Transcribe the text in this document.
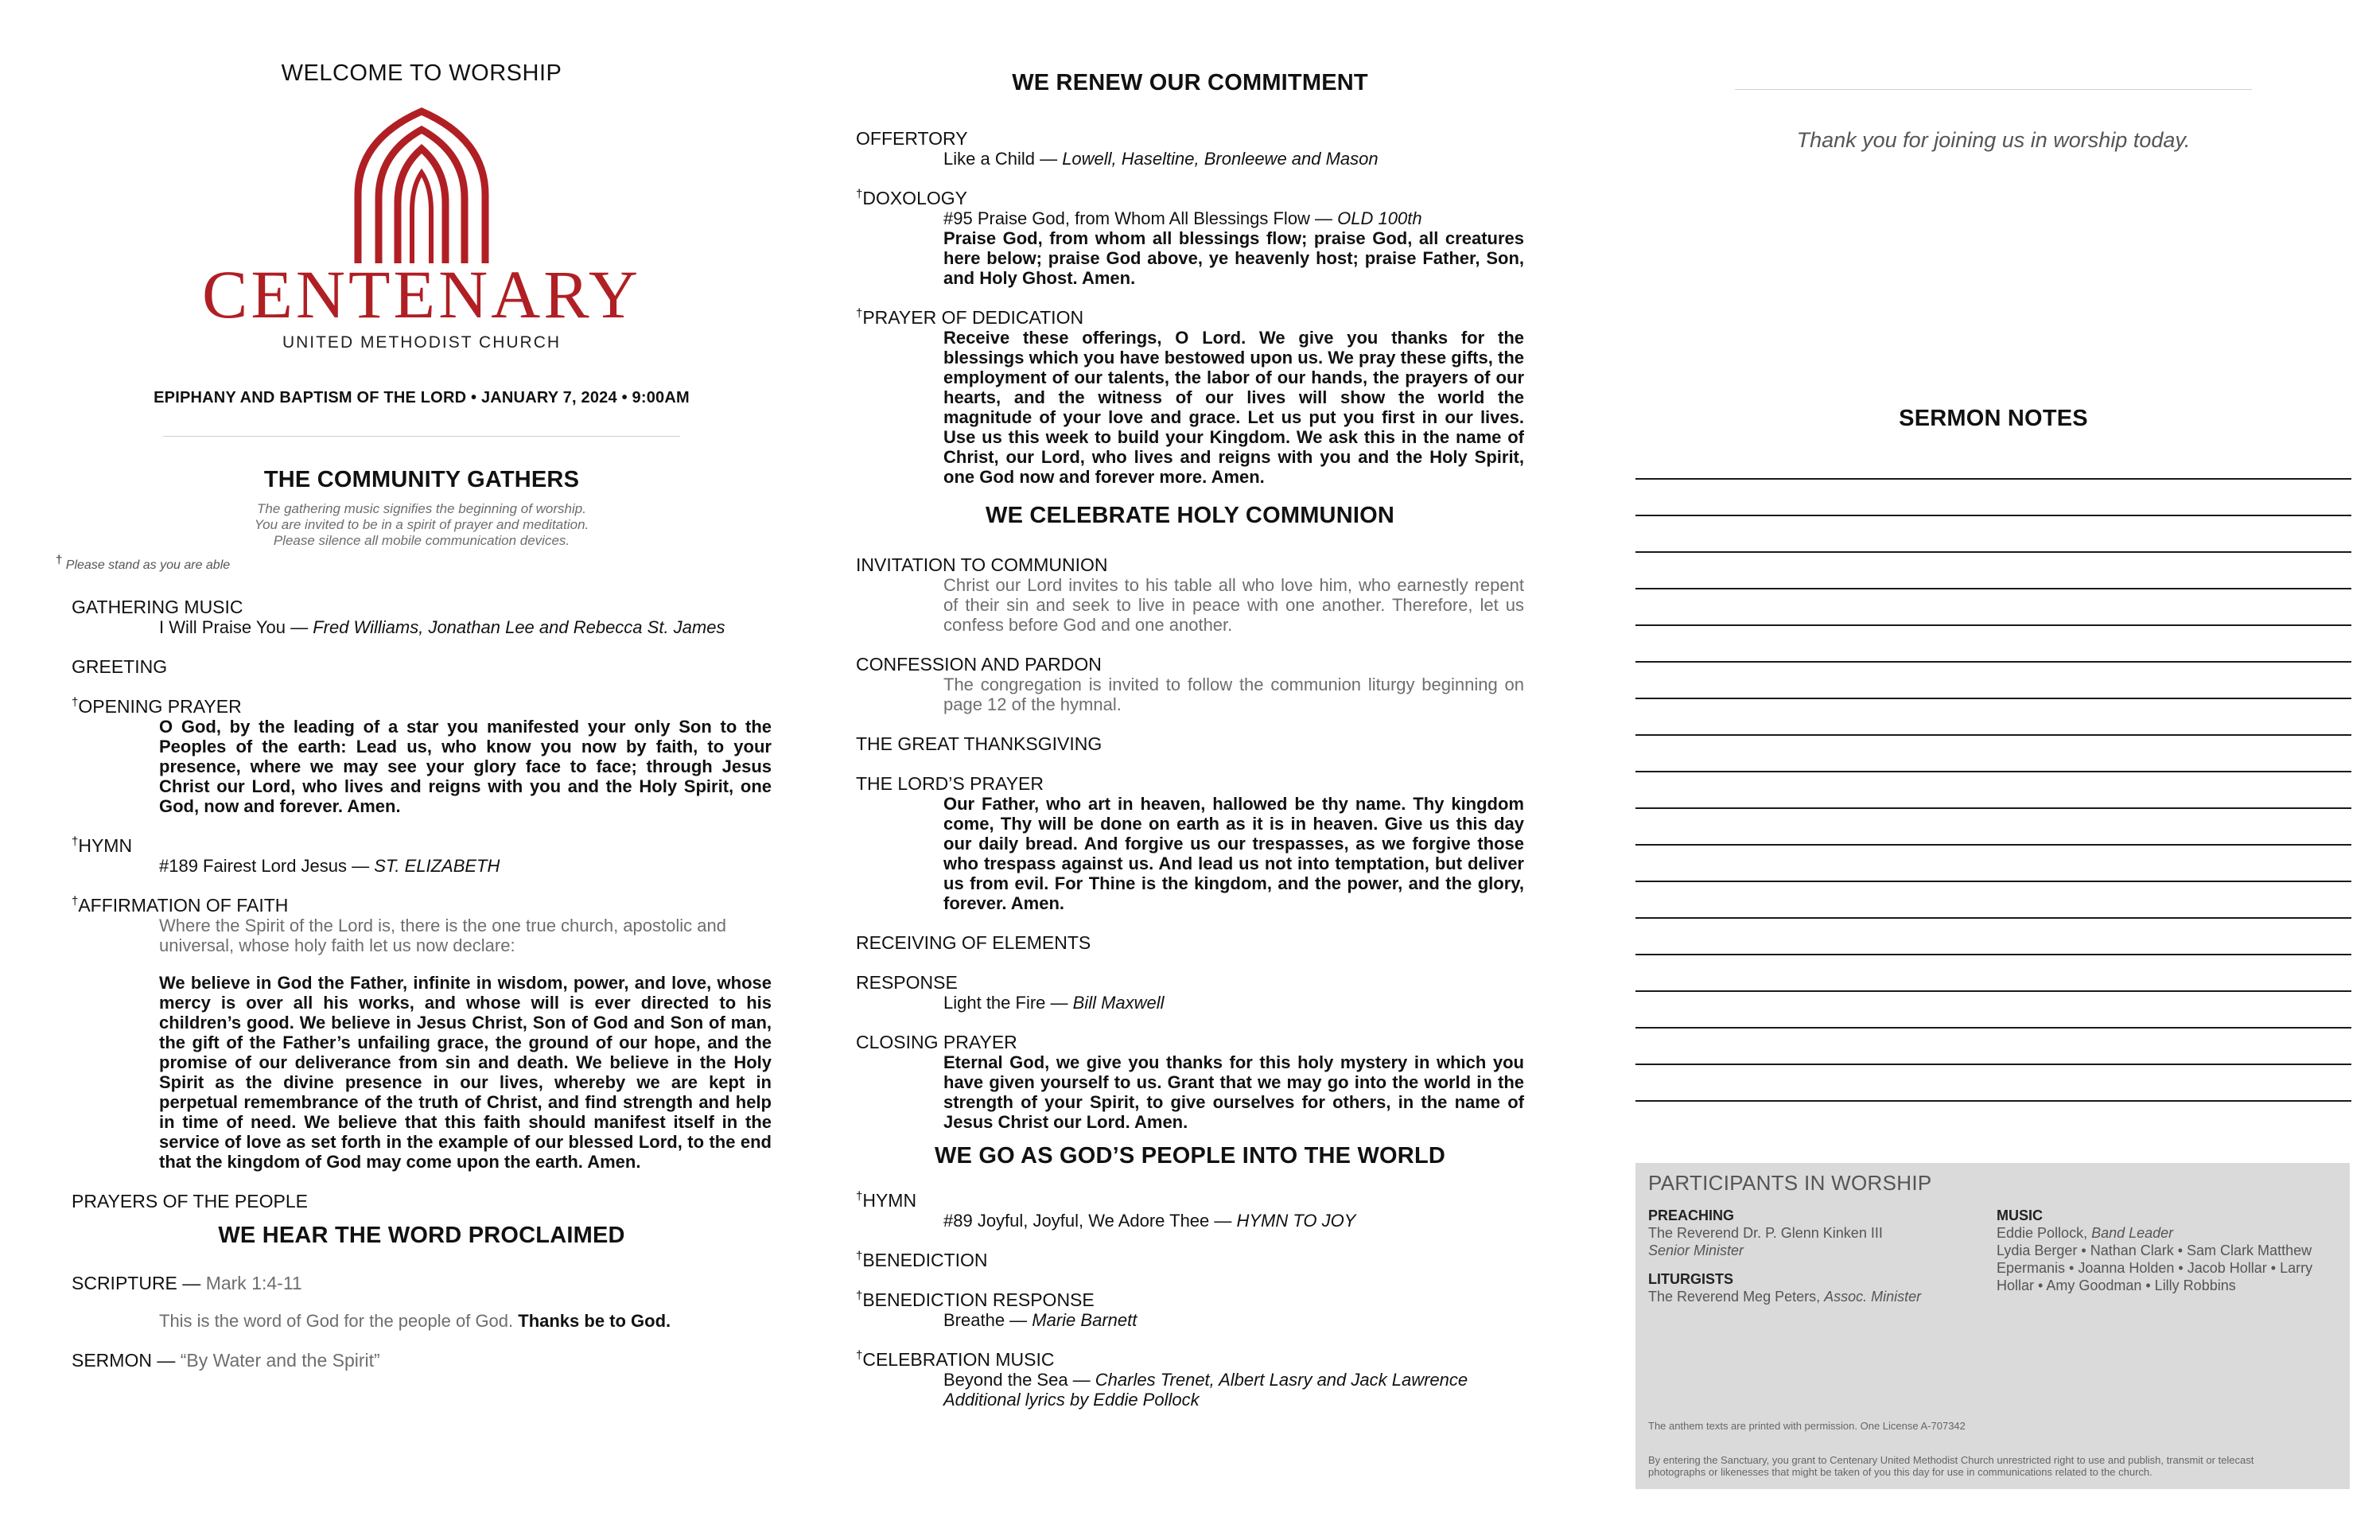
WELCOME TO WORSHIP
CENTENARY
UNITED METHODIST CHURCH
EPIPHANY AND BAPTISM OF THE LORD • JANUARY 7, 2024 • 9:00AM
THE COMMUNITY GATHERS
The gathering music signifies the beginning of worship.
You are invited to be in a spirit of prayer and meditation.
Please silence all mobile communication devices.
† Please stand as you are able
GATHERING MUSIC
I Will Praise You — Fred Williams, Jonathan Lee and Rebecca St. James
GREETING
†OPENING PRAYER
O God, by the leading of a star you manifested your only Son to the Peoples of the earth: Lead us, who know you now by faith, to your presence, where we may see your glory face to face; through Jesus Christ our Lord, who lives and reigns with you and the Holy Spirit, one God, now and forever. Amen.
†HYMN
#189 Fairest Lord Jesus — ST. ELIZABETH
†AFFIRMATION OF FAITH
Where the Spirit of the Lord is, there is the one true church, apostolic and universal, whose holy faith let us now declare:
We believe in God the Father, infinite in wisdom, power, and love, whose mercy is over all his works, and whose will is ever directed to his children’s good. We believe in Jesus Christ, Son of God and Son of man, the gift of the Father’s unfailing grace, the ground of our hope, and the promise of our deliverance from sin and death. We believe in the Holy Spirit as the divine presence in our lives, whereby we are kept in perpetual remembrance of the truth of Christ, and find strength and help in time of need. We believe that this faith should manifest itself in the service of love as set forth in the example of our blessed Lord, to the end that the kingdom of God may come upon the earth. Amen.
PRAYERS OF THE PEOPLE
WE HEAR THE WORD PROCLAIMED
SCRIPTURE — Mark 1:4-11
This is the word of God for the people of God. Thanks be to God.
SERMON — “By Water and the Spirit”
WE RENEW OUR COMMITMENT
OFFERTORY
Like a Child — Lowell, Haseltine, Bronleewe and Mason
†DOXOLOGY
#95 Praise God, from Whom All Blessings Flow — OLD 100th
Praise God, from whom all blessings flow; praise God, all creatures here below; praise God above, ye heavenly host; praise Father, Son, and Holy Ghost. Amen.
†PRAYER OF DEDICATION
Receive these offerings, O Lord. We give you thanks for the blessings which you have bestowed upon us. We pray these gifts, the employment of our talents, the labor of our hands, the prayers of our hearts, and the witness of our lives will show the world the magnitude of your love and grace. Let us put you first in our lives. Use us this week to build your Kingdom. We ask this in the name of Christ, our Lord, who lives and reigns with you and the Holy Spirit, one God now and forever more. Amen.
WE CELEBRATE HOLY COMMUNION
INVITATION TO COMMUNION
Christ our Lord invites to his table all who love him, who earnestly repent of their sin and seek to live in peace with one another. Therefore, let us confess before God and one another.
CONFESSION AND PARDON
The congregation is invited to follow the communion liturgy beginning on page 12 of the hymnal.
THE GREAT THANKSGIVING
THE LORD’S PRAYER
Our Father, who art in heaven, hallowed be thy name. Thy kingdom come, Thy will be done on earth as it is in heaven. Give us this day our daily bread. And forgive us our trespasses, as we forgive those who trespass against us. And lead us not into temptation, but deliver us from evil. For Thine is the kingdom, and the power, and the glory, forever. Amen.
RECEIVING OF ELEMENTS
RESPONSE
Light the Fire — Bill Maxwell
CLOSING PRAYER
Eternal God, we give you thanks for this holy mystery in which you have given yourself to us. Grant that we may go into the world in the strength of your Spirit, to give ourselves for others, in the name of Jesus Christ our Lord. Amen.
WE GO AS GOD’S PEOPLE INTO THE WORLD
†HYMN
#89 Joyful, Joyful, We Adore Thee — HYMN TO JOY
†BENEDICTION
†BENEDICTION RESPONSE
Breathe — Marie Barnett
†CELEBRATION MUSIC
Beyond the Sea — Charles Trenet, Albert Lasry and Jack Lawrence
Additional lyrics by Eddie Pollock
Thank you for joining us in worship today.
SERMON NOTES
PARTICIPANTS IN WORSHIP
PREACHING
The Reverend Dr. P. Glenn Kinken III
Senior Minister
LITURGISTS
The Reverend Meg Peters, Assoc. Minister
MUSIC
Eddie Pollock, Band Leader
Lydia Berger • Nathan Clark • Sam Clark Matthew Epermanis • Joanna Holden • Jacob Hollar • Larry Hollar • Amy Goodman • Lilly Robbins
The anthem texts are printed with permission. One License A-707342
By entering the Sanctuary, you grant to Centenary United Methodist Church unrestricted right to use and publish, transmit or telecast photographs or likenesses that might be taken of you this day for use in communications related to the church.
